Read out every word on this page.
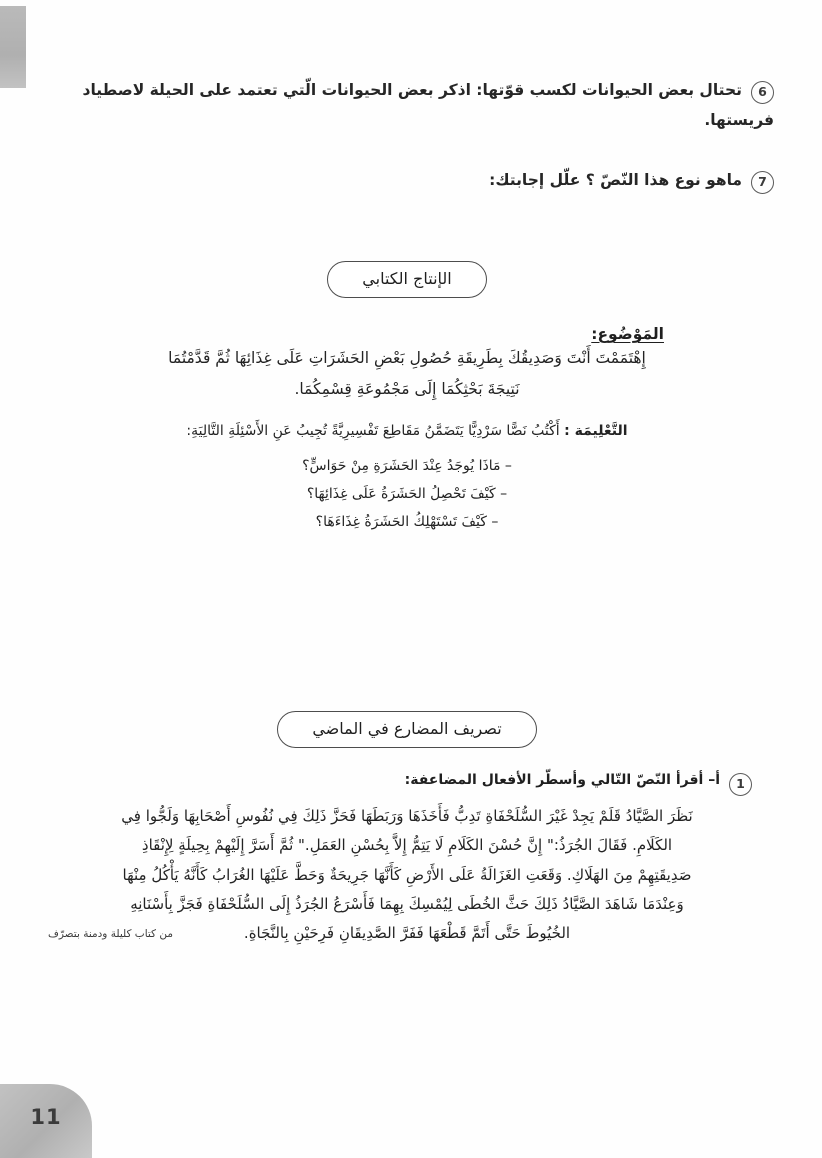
6
تحتال بعض الحيوانات لكسب قوّتها: اذكر بعض الحيوانات الّتي تعتمد على الحيلة لاصطياد
فريستها.
7
ماهو نوع هذا النّصّ ؟ علّل إجابتك:
الإنتاج الكتابي
المَوْضُوع:
إِهْتَمَمْتَ أَنْتَ وَصَدِيقُكَ بِطَرِيقَةِ حُصُولِ بَعْضِ الحَشَرَاتِ عَلَى غِذَائِهَا ثُمَّ قَدَّمْتُمَا
نَتِيجَةَ بَحْثِكُمَا إِلَى مَجْمُوعَةِ قِسْمِكُمَا.
التَّعْلِيمَة : أَكْتُبُ نَصًّا سَرْدِيًّا يَتَضَمَّنُ مَقَاطِعَ تَفْسِيرِيَّةً تُجِيبُ عَنِ الأَسْئِلَةِ التَّالِيَةِ:
– مَاذَا يُوجَدُ عِنْدَ الحَشَرَةِ مِنْ حَوَاسٍّ؟
– كَيْفَ تَحْصِلُ الحَشَرَةُ عَلَى غِذَائِهَا؟
– كَيْفَ تَسْتَهْلِكُ الحَشَرَةُ غِذَاءَهَا؟
تصريف المضارع في الماضي
1
أ– أقرأ النّصّ التّالي وأسطّر الأفعال المضاعفة:
نَظَرَ الصَّيَّادُ قَلَمْ يَجِدْ غَيْرَ السُّلَحْفَاةِ تَدِبُّ فَأَخَذَهَا وَرَبَطَهَا فَحَزَّ ذَلِكَ فِي نُفُوسِ أَصْحَابِهَا وَلَجُّوا فِي
الكَلَامِ. فَقَالَ الجُرَذُ:" إِنَّ حُسْنَ الكَلَامِ لَا يَتِمُّ إِلاَّ بِحُسْنِ العَمَلِ." ثُمَّ أَسَرَّ إِلَيْهِمْ بِحِيلَةٍ لِإِنْقَاذِ
صَدِيقَتِهِمْ مِنَ الهَلَاكِ. وَقَعَتِ الغَزَالَةُ عَلَى الأَرْضِ كَأَنَّهَا جَرِيحَةٌ وَحَطَّ عَلَيْهَا الغُرَابُ كَأَنَّهُ يَأْكُلُ مِنْهَا
وَعِنْدَمَا شَاهَدَ الصَّيَّادُ ذَلِكَ حَثَّ الخُطَى لِيُمْسِكَ بِهِمَا فَأَسْرَعُ الجُرَذُ إِلَى السُّلَحْفَاةِ فَجَزَّ بِأَسْنَانِهِ
الخُيُوطَ حَتَّى أَتَمَّ قَطْعَهَا فَفَرَّ الصَّدِيقَانِ فَرِحَيْنِ بِالنَّجَاةِ.
من كتاب كليلة ودمنة بتصرّف
11
